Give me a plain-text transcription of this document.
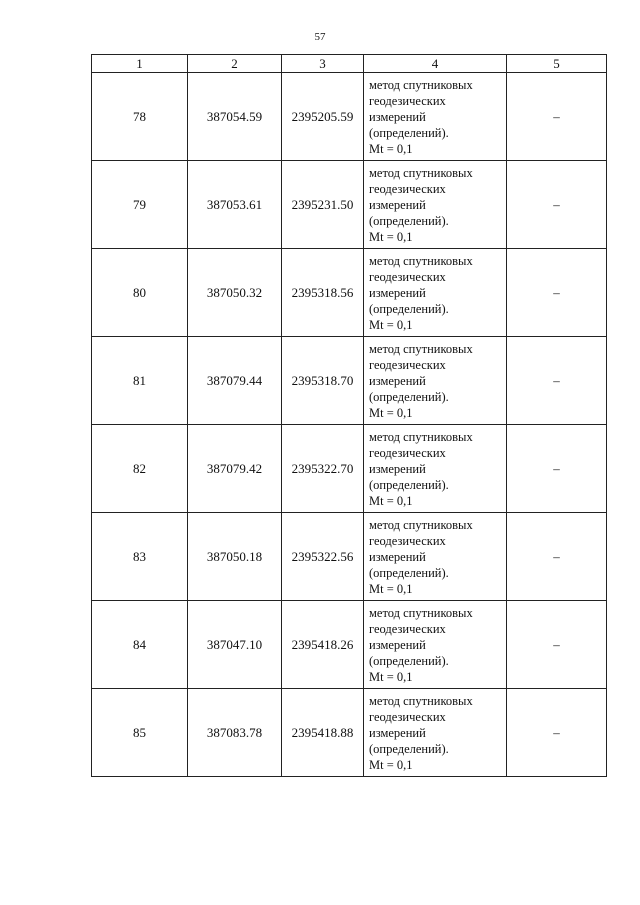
57
1	2	3	4	5
78	387054.59	2395205.59	метод спутниковых
геодезических
измерений
(определений).
Mt = 0,1	–
79	387053.61	2395231.50	метод спутниковых
геодезических
измерений
(определений).
Mt = 0,1	–
80	387050.32	2395318.56	метод спутниковых
геодезических
измерений
(определений).
Mt = 0,1	–
81	387079.44	2395318.70	метод спутниковых
геодезических
измерений
(определений).
Mt = 0,1	–
82	387079.42	2395322.70	метод спутниковых
геодезических
измерений
(определений).
Mt = 0,1	–
83	387050.18	2395322.56	метод спутниковых
геодезических
измерений
(определений).
Mt = 0,1	–
84	387047.10	2395418.26	метод спутниковых
геодезических
измерений
(определений).
Mt = 0,1	–
85	387083.78	2395418.88	метод спутниковых
геодезических
измерений
(определений).
Mt = 0,1	–
